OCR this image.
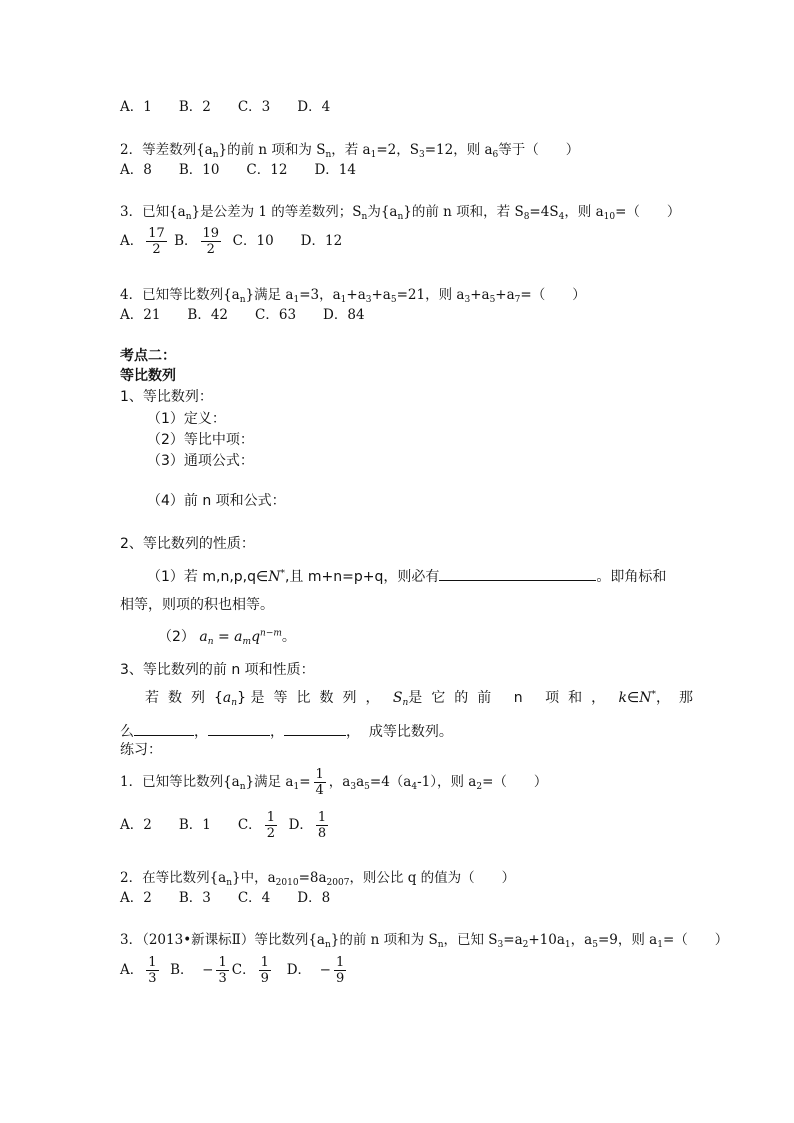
A．1　　B．2　　C．3　　D．4
2．等差数列$\{a_n\}$的前 n 项和为 $S_n$，若 $a_1=2$，$S_3=12$，则 $a_6$等于（　　）
A．8　　B．10　　C．12　　D．14
3．已知$\{a_n\}$是公差为 1 的等差数列；$S_n$为$\{a_n\}$的前 n 项和，若 $S_8=4S_4$，则 $a_{10}=$（　　）
A． $\frac{17}{2}$ B． $\frac{19}{2}$ C．10　　D．12
4．已知等比数列$\{a_n\}$满足 $a_1=3$，$a_1+a_3+a_5=21$，则 $a_3+a_5+a_7=$（　　）
A．21　　B．42　　C．63　　D．84
考点二：
等比数列
1、等比数列：
（1）定义：
（2）等比中项：
（3）通项公式：
（4）前 n 项和公式：
2、等比数列的性质：
（1）若 m,n,p,q∈N*,且 m+n=p+q，则必有	。即角标和
相等，则项的积也相等。
（2） $a_n = a_mq^{n-m}$。
3、等比数列的前 n 项和性质：
若数列$\{a_n\}$ 是等比数列， $S_n$是它的前 n 项和， k∈N*，那
么	，	，	， 成等比数列。
练习：
1．已知等比数列$\{a_n\}$满足 $a_1= \frac{1}{4}$ ，$a_3a_5=4(a_4-1)$，则 $a_2=$（　　）
A．2　　B．1　　C． $\frac{1}{2}$ D． $\frac{1}{8}$
2．在等比数列$\{a_n\}$中，$a_{2010}=8a_{2007}$，则公比 q 的值为（　　）
A．2　　B．3　　C．4　　D．8
3．（2013•新课标Ⅱ）等比数列$\{a_n\}$的前 n 项和为 $S_n$，已知 $S_3=a_2+10a_1$，$a_5=9$，则 $a_1=$（　　）
A． $\frac{1}{3}$ B． − $\frac{1}{3}$ C． $\frac{1}{9}$ D． − $\frac{1}{9}$
